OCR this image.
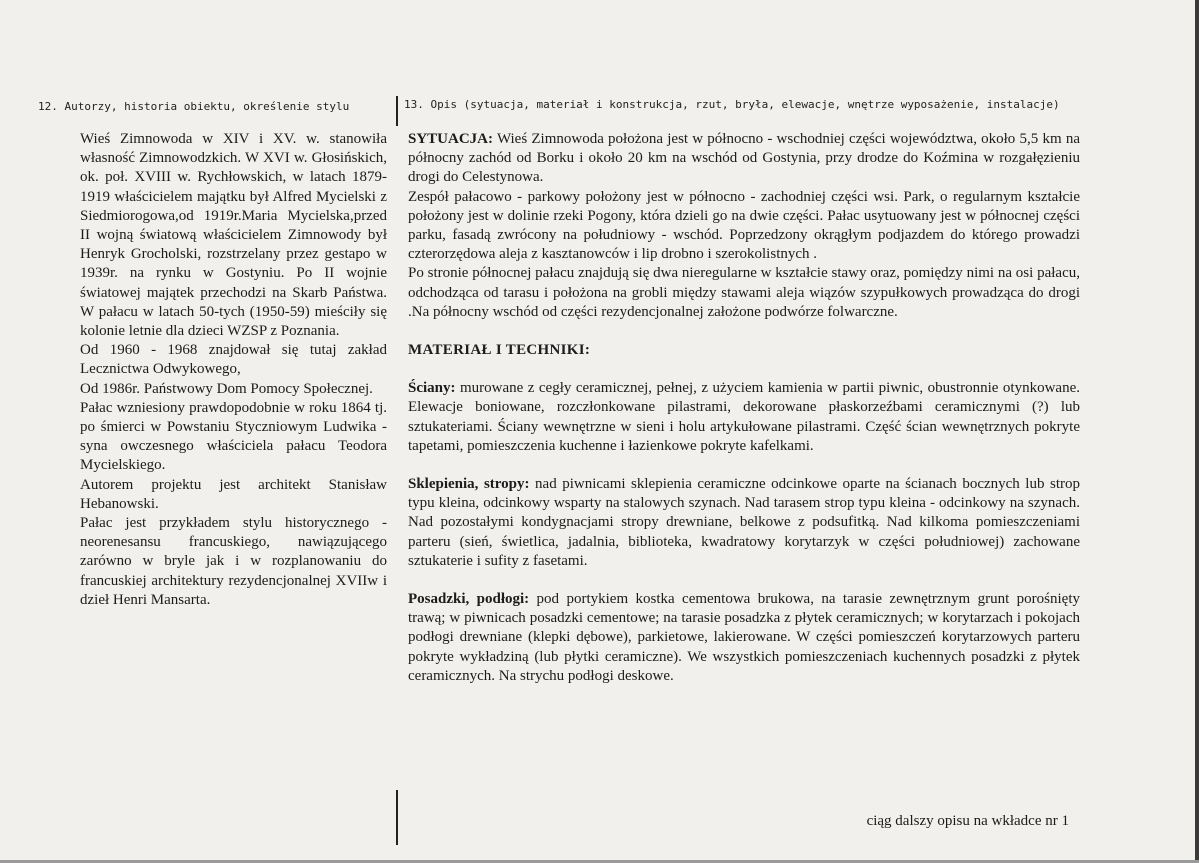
12. Autorzy, historia obiektu, określenie stylu	13. Opis (sytuacja, materiał i konstrukcja, rzut, bryła, elewacje, wnętrze wyposażenie, instalacje)

Wieś Zimnowoda w XIV i XV. w. stanowiła własność Zimnowodzkich. W XVI w. Głosińskich, ok. poł. XVIII w. Rychłowskich, w latach 1879-1919 właścicielem majątku był Alfred Mycielski z Siedmiorogowa,od 1919r.Maria Mycielska,przed II wojną światową właścicielem Zimnowody był Henryk Grocholski, rozstrzelany przez gestapo w 1939r. na rynku w Gostyniu. Po II wojnie światowej majątek przechodzi na Skarb Państwa. W pałacu w latach 50-tych (1950-59) mieściły się kolonie letnie dla dzieci WZSP z Poznania.

Od 1960 - 1968 znajdował się tutaj zakład Lecznictwa Odwykowego,

Od 1986r. Państwowy Dom Pomocy Społecznej.

Pałac wzniesiony prawdopodobnie w roku 1864 tj. po śmierci w Powstaniu Styczniowym Ludwika - syna owczesnego właściciela pałacu Teodora Mycielskiego.

Autorem projektu jest architekt Stanisław Hebanowski.

Pałac jest przykładem stylu historycznego - neorenesansu francuskiego, nawiązującego zarówno w bryle jak i w rozplanowaniu do francuskiej architektury rezydencjonalnej XVIIw i dzieł Henri Mansarta.

SYTUACJA: Wieś Zimnowoda położona jest w północno - wschodniej części województwa, około 5,5 km na północny zachód od Borku i około 20 km na wschód od Gostynia, przy drodze do Koźmina w rozgałęzieniu drogi do Celestynowa.

Zespół pałacowo - parkowy położony jest w północno - zachodniej części wsi. Park, o regularnym kształcie położony jest w dolinie rzeki Pogony, która dzieli go na dwie części. Pałac usytuowany jest w północnej części parku, fasadą zwrócony na południowy - wschód. Poprzedzony okrągłym podjazdem do którego prowadzi czterorzędowa aleja z kasztanowców i lip drobno i szerokolistnych .

Po stronie północnej pałacu znajdują się dwa nieregularne w kształcie stawy oraz, pomiędzy nimi na osi pałacu, odchodząca od tarasu i położona na grobli między stawami aleja wiązów szypułkowych prowadząca do drogi .Na północny wschód od części rezydencjonalnej założone podwórze folwarczne.

MATERIAŁ I TECHNIKI:

Ściany: murowane z cegły ceramicznej, pełnej, z użyciem kamienia w partii piwnic, obustronnie otynkowane. Elewacje boniowane, rozczłonkowane pilastrami, dekorowane płaskorzeźbami ceramicznymi (?) lub sztukateriami. Ściany wewnętrzne w sieni i holu artykułowane pilastrami. Część ścian wewnętrznych pokryte tapetami, pomieszczenia kuchenne i łazienkowe pokryte kafelkami.

Sklepienia, stropy: nad piwnicami sklepienia ceramiczne odcinkowe oparte na ścianach bocznych lub strop typu kleina, odcinkowy wsparty na stalowych szynach. Nad tarasem strop typu kleina - odcinkowy na szynach. Nad pozostałymi kondygnacjami stropy drewniane, belkowe z podsufitką. Nad kilkoma pomieszczeniami parteru (sień, świetlica, jadalnia, biblioteka, kwadratowy korytarzyk w części południowej) zachowane sztukaterie i sufity z fasetami.

Posadzki, podłogi: pod portykiem kostka cementowa brukowa, na tarasie zewnętrznym grunt porośnięty trawą; w piwnicach posadzki cementowe; na tarasie posadzka z płytek ceramicznych; w korytarzach i pokojach podłogi drewniane (klepki dębowe), parkietowe, lakierowane. W części pomieszczeń korytarzowych parteru pokryte wykładziną (lub płytki ceramiczne). We wszystkich pomieszczeniach kuchennych posadzki z płytek ceramicznych. Na strychu podłogi deskowe.

ciąg dalszy opisu na wkładce nr 1
